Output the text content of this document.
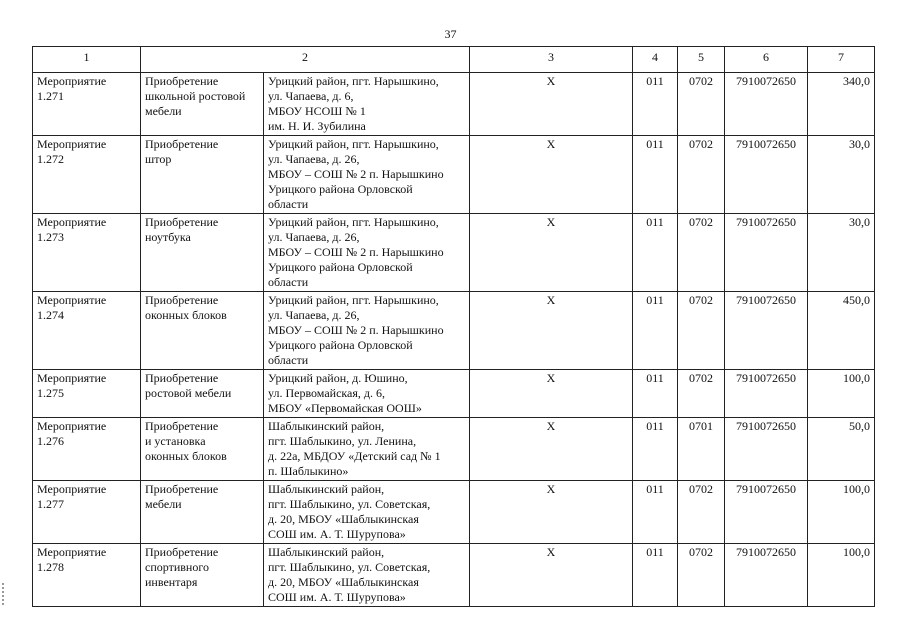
37
1	2		3	4	5	6	7

Мероприятие
1.271	Приобретение
школьной ростовой
мебели	Урицкий район, пгт. Нарышкино,
ул. Чапаева, д. 6,
МБОУ НСОШ № 1
им. Н. И. Зубилина	X	011	0702	7910072650	340,0

Мероприятие
1.272	Приобретение
штор	Урицкий район, пгт. Нарышкино,
ул. Чапаева, д. 26,
МБОУ – СОШ № 2 п. Нарышкино
Урицкого района Орловской
области	X	011	0702	7910072650	30,0

Мероприятие
1.273	Приобретение
ноутбука	Урицкий район, пгт. Нарышкино,
ул. Чапаева, д. 26,
МБОУ – СОШ № 2 п. Нарышкино
Урицкого района Орловской
области	X	011	0702	7910072650	30,0

Мероприятие
1.274	Приобретение
оконных блоков	Урицкий район, пгт. Нарышкино,
ул. Чапаева, д. 26,
МБОУ – СОШ № 2 п. Нарышкино
Урицкого района Орловской
области	X	011	0702	7910072650	450,0

Мероприятие
1.275	Приобретение
ростовой мебели	Урицкий район, д. Юшино,
ул. Первомайская, д. 6,
МБОУ «Первомайская ООШ»	X	011	0702	7910072650	100,0

Мероприятие
1.276	Приобретение
и установка
оконных блоков	Шаблыкинский район,
пгт. Шаблыкино, ул. Ленина,
д. 22а, МБДОУ «Детский сад № 1
п. Шаблыкино»	X	011	0701	7910072650	50,0

Мероприятие
1.277	Приобретение
мебели	Шаблыкинский район,
пгт. Шаблыкино, ул. Советская,
д. 20, МБОУ «Шаблыкинская
СОШ им. А. Т. Шурупова»	X	011	0702	7910072650	100,0

Мероприятие
1.278	Приобретение
спортивного
инвентаря	Шаблыкинский район,
пгт. Шаблыкино, ул. Советская,
д. 20, МБОУ «Шаблыкинская
СОШ им. А. Т. Шурупова»	X	011	0702	7910072650	100,0
